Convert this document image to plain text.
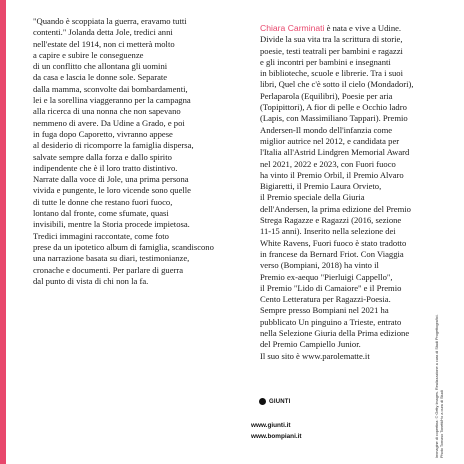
"Quando è scoppiata la guerra, eravamo tutti
contenti." Jolanda detta Jole, tredici anni
nell'estate del 1914, non ci metterà molto
a capire e subire le conseguenze
di un conflitto che allontana gli uomini
da casa e lascia le donne sole. Separate
dalla mamma, sconvolte dai bombardamenti,
lei e la sorellina viaggeranno per la campagna
alla ricerca di una nonna che non sapevano
nemmeno di avere. Da Udine a Grado, e poi
in fuga dopo Caporetto, vivranno appese
al desiderio di ricomporre la famiglia dispersa,
salvate sempre dalla forza e dallo spirito
indipendente che è il loro tratto distintivo.
Narrate dalla voce di Jole, una prima persona
vivida e pungente, le loro vicende sono quelle
di tutte le donne che restano fuori fuoco,
lontano dal fronte, come sfumate, quasi
invisibili, mentre la Storia procede impietosa.
Tredici immagini raccontate, come foto
prese da un ipotetico album di famiglia, scandiscono
una narrazione basata su diari, testimonianze,
cronache e documenti. Per parlare di guerra
dal punto di vista di chi non la fa.
Chiara Carminati è nata e vive a Udine.
Divide la sua vita tra la scrittura di storie,
poesie, testi teatrali per bambini e ragazzi
e gli incontri per bambini e insegnanti
in biblioteche, scuole e librerie. Tra i suoi
libri, Quel che c'è sotto il cielo (Mondadori),
Perlaparola (Equilibri), Poesie per aria
(Topipittori), A fior di pelle e Occhio ladro
(Lapis, con Massimiliano Tappari). Premio
Andersen-Il mondo dell'infanzia come
miglior autrice nel 2012, e candidata per
l'Italia all'Astrid Lindgren Memorial Award
nel 2021, 2022 e 2023, con Fuori fuoco
ha vinto il Premio Orbil, il Premio Alvaro
Bigiaretti, il Premio Laura Orvieto,
il Premio speciale della Giuria
dell'Andersen, la prima edizione del Premio
Strega Ragazze e Ragazzi (2016, sezione
11-15 anni). Inserito nella selezione dei
White Ravens, Fuori fuoco è stato tradotto
in francese da Bernard Friot. Con Viaggia
verso (Bompiani, 2018) ha vinto il
Premio ex-aequo "Pierluigi Cappello",
il Premio "Lido di Camaiore" e il Premio
Cento Letteratura per Ragazzi-Poesia.
Sempre presso Bompiani nel 2021 ha
pubblicato Un pinguino a Trieste, entrato
nella Selezione Giuria della Prima edizione
del Premio Campiello Junior.
Il suo sito è www.parolematte.it
GIUNTI
www.giunti.it
www.bompiani.it	Immagine di copertina: © Getty Images. Realizzazione a cura di Studi Progettografici. Photo Tomaso Tonetti/Ho a cura di Studi
